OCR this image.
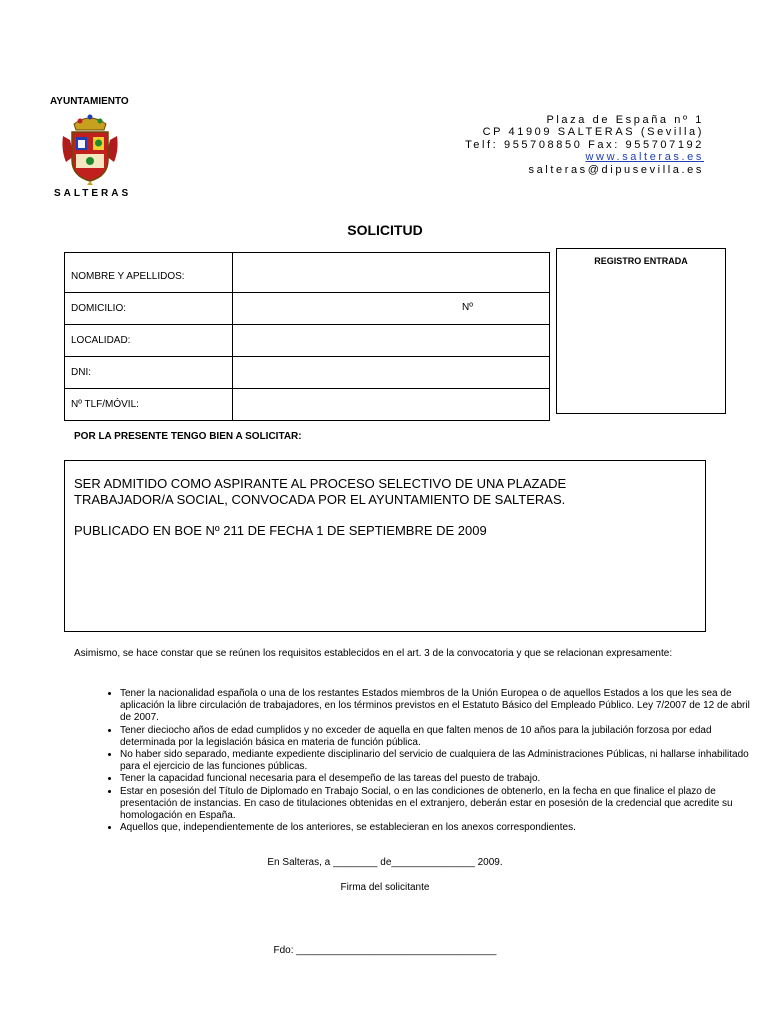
AYUNTAMIENTO
SALTERAS
Plaza de España nº 1
CP 41909 SALTERAS (Sevilla)
Telf: 955708850 Fax: 955707192
www.salteras.es
salteras@dipusevilla.es
SOLICITUD
NOMBRE Y APELLIDOS:	
DOMICILIO:	Nº

LOCALIDAD:	
DNI:	
Nº TLF/MÓVIL:	
REGISTRO ENTRADA
POR LA PRESENTE TENGO BIEN A SOLICITAR:

SER ADMITIDO COMO ASPIRANTE AL PROCESO SELECTIVO DE UNA PLAZADE

TRABAJADOR/A SOCIAL, CONVOCADA POR EL AYUNTAMIENTO DE SALTERAS.

PUBLICADO EN BOE Nº 211 DE FECHA 1 DE SEPTIEMBRE DE 2009

Asimismo, se hace constar que se reúnen los requisitos establecidos en el art. 3 de la convocatoria y que se relacionan expresamente:
• Tener la nacionalidad española o una de los restantes Estados miembros de la Unión Europea o de aquellos Estados a los que les sea de aplicación la libre circulación de trabajadores, en los términos previstos en el Estatuto Básico del Empleado Público. Ley 7/2007 de 12 de abril de 2007.
• Tener dieciocho años de edad cumplidos y no exceder de aquella en que falten menos de 10 años para la jubilación forzosa por edad determinada por la legislación básica en materia de función pública.
• No haber sido separado, mediante expediente disciplinario del servicio de cualquiera de las Administraciones Públicas, ni hallarse inhabilitado para el ejercicio de las funciones públicas.
• Tener la capacidad funcional necesaria para el desempeño de las tareas del puesto de trabajo.
• Estar en posesión del Título de Diplomado en Trabajo Social, o en las condiciones de obtenerlo, en la fecha en que finalice el plazo de presentación de instancias. En caso de titulaciones obtenidas en el extranjero, deberán estar en posesión de la credencial que acredite su homologación en España.
• Aquellos que, independientemente de los anteriores, se establecieran en los anexos correspondientes.
En Salteras, a ________ de_______________ 2009.
Firma del solicitante
Fdo: ____________________________________
